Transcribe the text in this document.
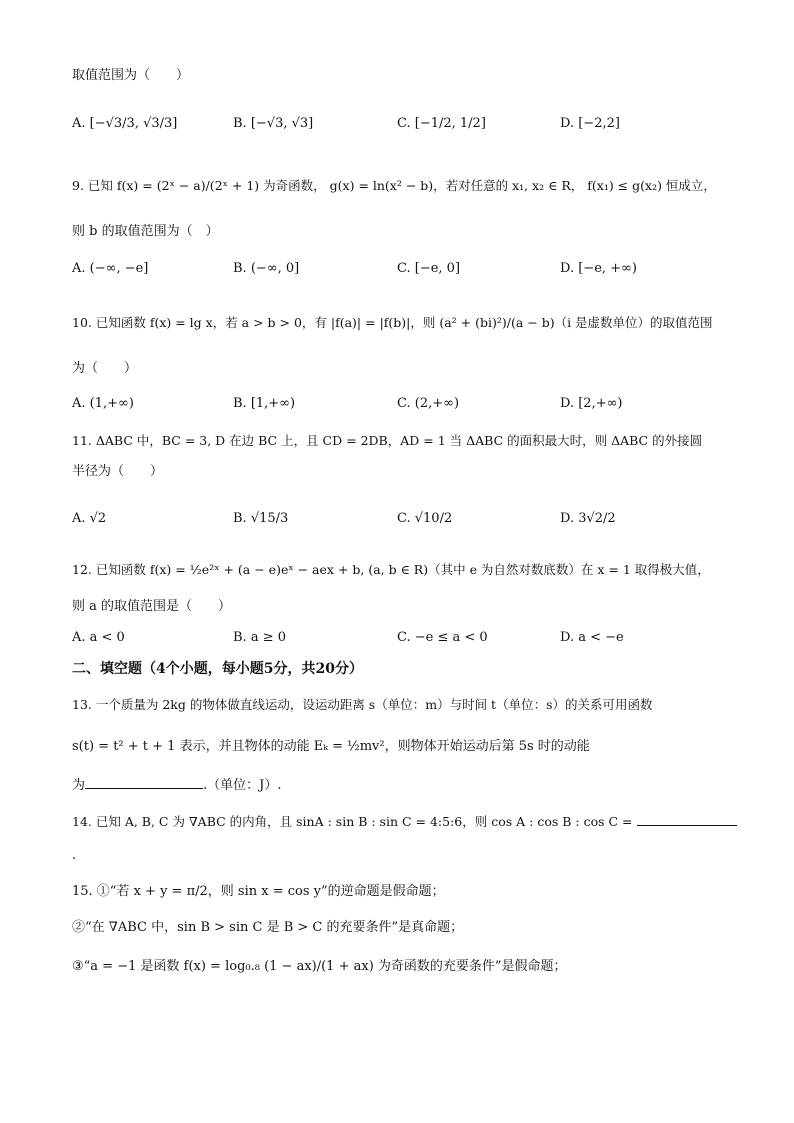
取值范围为（　　）
A. [−√3/3, √3/3]	B. [−√3, √3]	C. [−1/2, 1/2]	D. [−2,2]
9. 已知 f(x) = (2ˣ − a)/(2ˣ + 1) 为奇函数， g(x) = ln(x² − b)，若对任意的 x₁, x₂ ∈ R， f(x₁) ≤ g(x₂) 恒成立，
则 b 的取值范围为（　）
A. (−∞, −e]	B. (−∞, 0]	C. [−e, 0]	D. [−e, +∞)
10. 已知函数 f(x) = lg x，若 a > b > 0，有 |f(a)| = |f(b)|，则 (a² + (bi)²)/(a − b)（i 是虚数单位）的取值范围
为（　　）
A. (1,+∞)	B. [1,+∞)	C. (2,+∞)	D. [2,+∞)
11. ΔABC 中，BC = 3, D 在边 BC 上，且 CD = 2DB，AD = 1 当 ΔABC 的面积最大时，则 ΔABC 的外接圆
半径为（　　）
A. √2	B. √15/3	C. √10/2	D. 3√2/2
12. 已知函数 f(x) = ½e²ˣ + (a − e)eˣ − aex + b, (a, b ∈ R)（其中 e 为自然对数底数）在 x = 1 取得极大值，
则 a 的取值范围是（　　）
A. a < 0	B. a ≥ 0	C. −e ≤ a < 0	D. a < −e
二、填空题（4个小题，每小题5分，共20分）
13. 一个质量为 2kg 的物体做直线运动，设运动距离 s（单位：m）与时间 t（单位：s）的关系可用函数
s(t) = t² + t + 1 表示，并且物体的动能 Eₖ = ½mv²，则物体开始运动后第 5s 时的动能
为	.（单位：J）.
14. 已知 A, B, C 为 ∇ABC 的内角，且 sinA : sin B : sin C = 4:5:6，则 cos A : cos B : cos C =
.
15. ①“若 x + y = π/2，则 sin x = cos y”的逆命题是假命题；
②“在 ∇ABC 中，sin B > sin C 是 B > C 的充要条件”是真命题；
③“a = −1 是函数 f(x) = log₀.₈ (1 − ax)/(1 + ax) 为奇函数的充要条件”是假命题；
